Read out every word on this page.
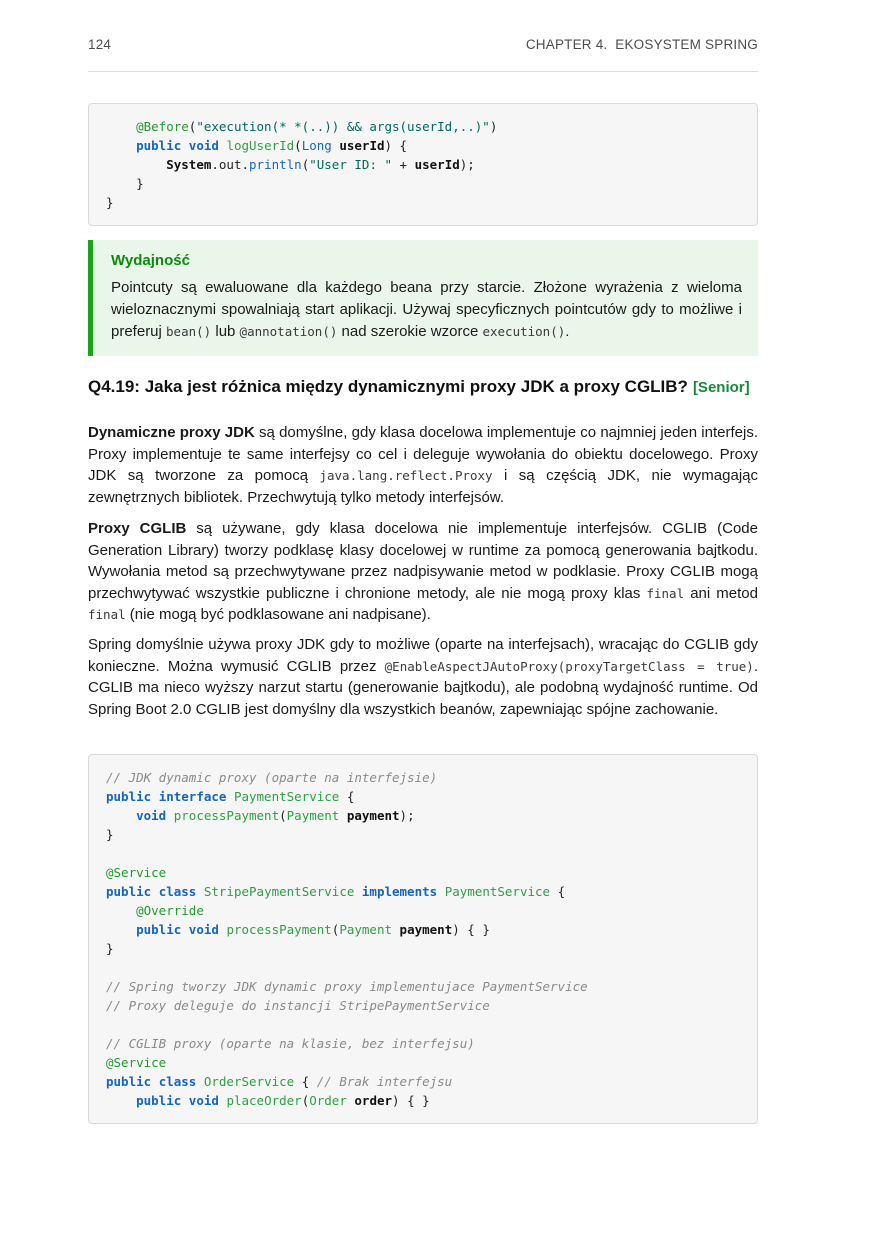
124	CHAPTER 4.  EKOSYSTEM SPRING
@Before("execution(* *(..)) && args(userId,..)")
public void logUserId(Long userId) {
System.out.println("User ID: " + userId);
}
}
Wydajność
Pointcuty są ewaluowane dla każdego beana przy starcie. Złożone wyrażenia z wieloma wieloznacznymi spowalniają start aplikacji. Używaj specyficznych pointcutów gdy to możliwe i preferuj bean() lub @annotation() nad szerokie wzorce execution().
Q4.19: Jaka jest różnica między dynamicznymi proxy JDK a proxy CGLIB? [Senior]

Dynamiczne proxy JDK są domyślne, gdy klasa docelowa implementuje co najmniej jeden interfejs. Proxy implementuje te same interfejsy co cel i deleguje wywołania do obiektu docelowego. Proxy JDK są tworzone za pomocą java.lang.reflect.Proxy i są częścią JDK, nie wymagając zewnętrznych bibliotek. Przechwytują tylko metody interfejsów.

Proxy CGLIB są używane, gdy klasa docelowa nie implementuje interfejsów. CGLIB (Code Generation Library) tworzy podklasę klasy docelowej w runtime za pomocą generowania bajtkodu. Wywołania metod są przechwytywane przez nadpisywanie metod w podklasie. Proxy CGLIB mogą przechwytywać wszystkie publiczne i chronione metody, ale nie mogą proxy klas final ani metod final (nie mogą być podklasowane ani nadpisane).

Spring domyślnie używa proxy JDK gdy to możliwe (oparte na interfejsach), wracając do CGLIB gdy konieczne. Można wymusić CGLIB przez @EnableAspectJAutoProxy(proxyTargetClass = true). CGLIB ma nieco wyższy narzut startu (generowanie bajtkodu), ale podobną wydajność runtime. Od Spring Boot 2.0 CGLIB jest domyślny dla wszystkich beanów, zapewniając spójne zachowanie.

// JDK dynamic proxy (oparte na interfejsie)
public interface PaymentService {
void processPayment(Payment payment);
}

@Service
public class StripePaymentService implements PaymentService {
@Override
public void processPayment(Payment payment) { }
}

// Spring tworzy JDK dynamic proxy implementujace PaymentService
// Proxy deleguje do instancji StripePaymentService

// CGLIB proxy (oparte na klasie, bez interfejsu)
@Service
public class OrderService { // Brak interfejsu
public void placeOrder(Order order) { }
